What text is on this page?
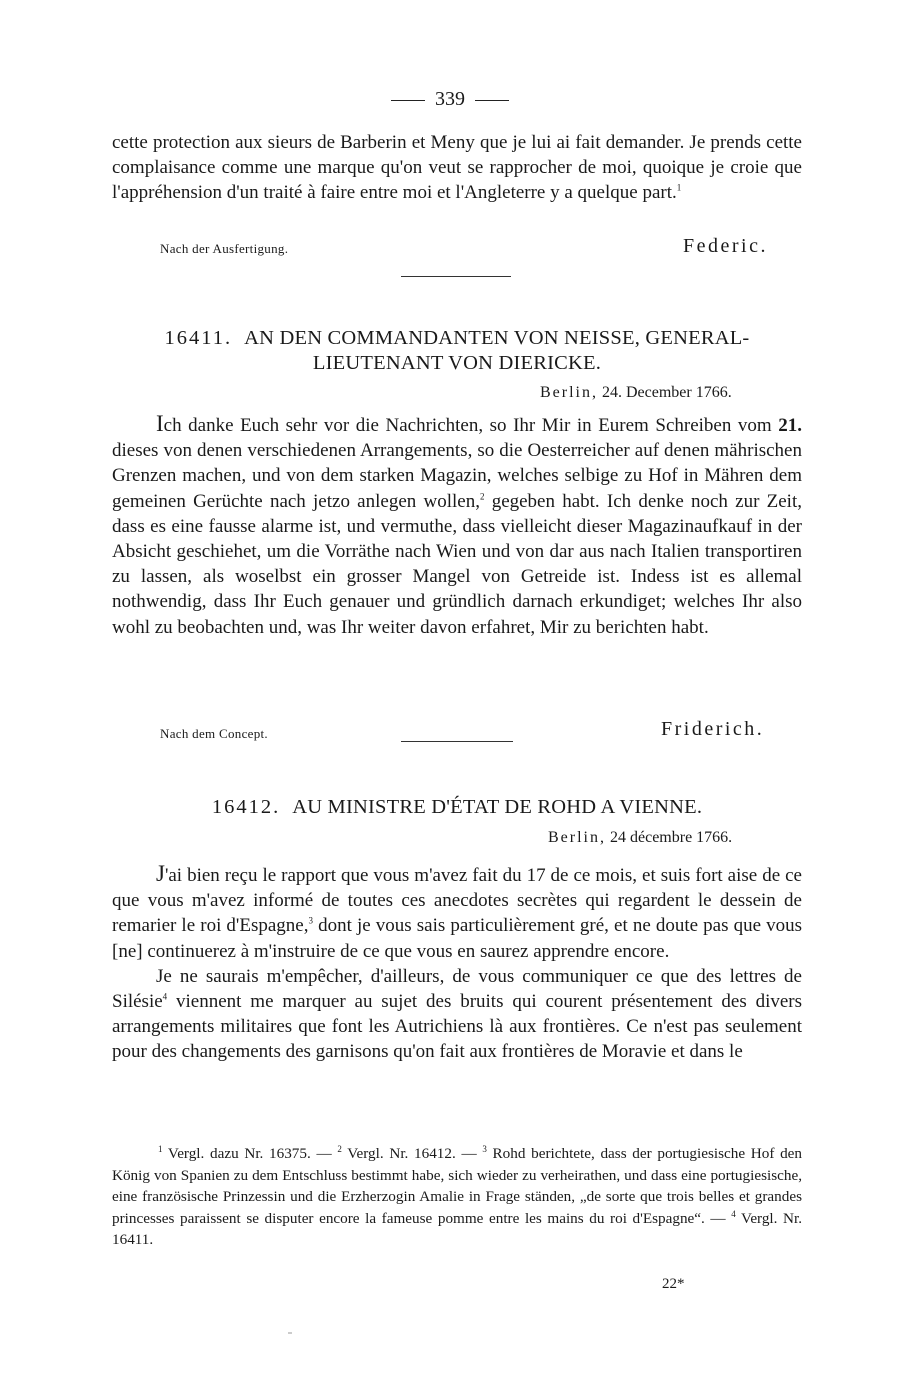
339

cette protection aux sieurs de Barberin et Meny que je lui ai fait demander. Je prends cette complaisance comme une marque qu'on veut se rapprocher de moi, quoique je croie que l'appréhension d'un traité à faire entre moi et l'Angleterre y a quelque part.$^1$

Nach der Ausfertigung.	Federic.
16411. AN DEN COMMANDANTEN VON NEISSE, GENERAL-LIEUTENANT VON DIERICKE.
Berlin, 24. December 1766.

Ich danke Euch sehr vor die Nachrichten, so Ihr Mir in Eurem Schreiben vom 21. dieses von denen verschiedenen Arrangements, so die Oesterreicher auf denen mährischen Grenzen machen, und von dem starken Magazin, welches selbige zu Hof in Mähren dem gemeinen Gerüchte nach jetzo anlegen wollen,$^2$ gegeben habt. Ich denke noch zur Zeit, dass es eine fausse alarme ist, und vermuthe, dass vielleicht dieser Magazinaufkauf in der Absicht geschiehet, um die Vorräthe nach Wien und von dar aus nach Italien transportiren zu lassen, als woselbst ein grosser Mangel von Getreide ist. Indess ist es allemal nothwendig, dass Ihr Euch genauer und gründlich darnach erkundiget; welches Ihr also wohl zu beobachten und, was Ihr weiter davon erfahret, Mir zu berichten habt.

Nach dem Concept.	Friderich.
16412. AU MINISTRE D'ÉTAT DE ROHD A VIENNE.
Berlin, 24 décembre 1766.

J'ai bien reçu le rapport que vous m'avez fait du 17 de ce mois, et suis fort aise de ce que vous m'avez informé de toutes ces anecdotes secrètes qui regardent le dessein de remarier le roi d'Espagne,$^3$ dont je vous sais particulièrement gré, et ne doute pas que vous [ne] continuerez à m'instruire de ce que vous en saurez apprendre encore.

Je ne saurais m'empêcher, d'ailleurs, de vous communiquer ce que des lettres de Silésie$^4$ viennent me marquer au sujet des bruits qui courent présentement des divers arrangements militaires que font les Autrichiens là aux frontières. Ce n'est pas seulement pour des changements des garnisons qu'on fait aux frontières de Moravie et dans le

$^1$ Vergl. dazu Nr. 16375. — $^2$ Vergl. Nr. 16412. — $^3$ Rohd berichtete, dass der portugiesische Hof den König von Spanien zu dem Entschluss bestimmt habe, sich wieder zu verheirathen, und dass eine portugiesische, eine französische Prinzessin und die Erzherzogin Amalie in Frage ständen, „de sorte que trois belles et grandes princesses paraissent se disputer encore la fameuse pomme entre les mains du roi d'Espagne“. — $^4$ Vergl. Nr. 16411.

22*
